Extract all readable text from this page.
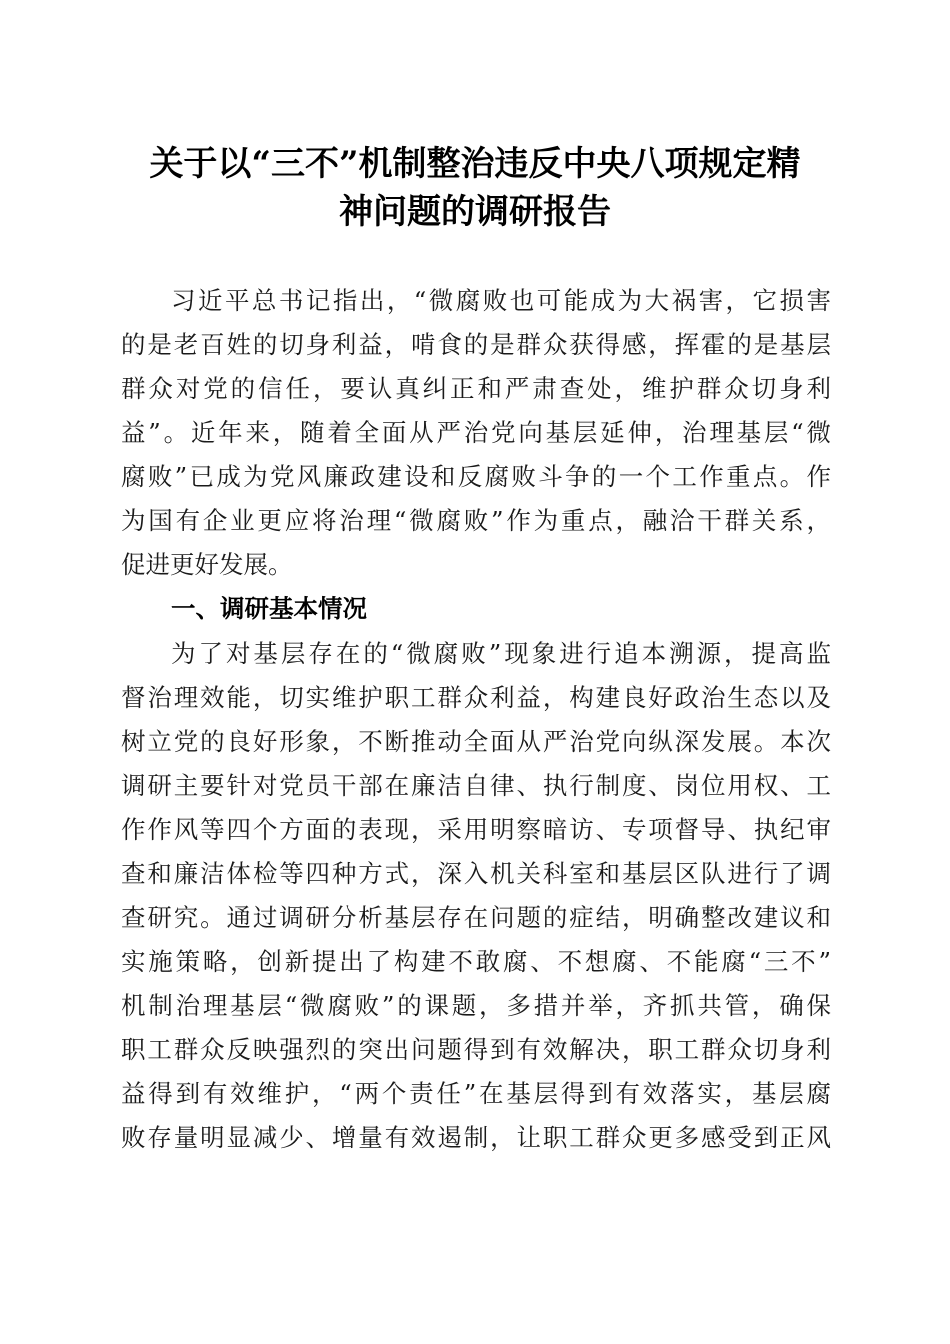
关于以“三不”机制整治违反中央八项规定精
神问题的调研报告
习近平总书记指出，“微腐败也可能成为大祸害，它损害
的是老百姓的切身利益，啃食的是群众获得感，挥霍的是基层
群众对党的信任，要认真纠正和严肃查处，维护群众切身利
益”。近年来，随着全面从严治党向基层延伸，治理基层“微
腐败”已成为党风廉政建设和反腐败斗争的一个工作重点。作
为国有企业更应将治理“微腐败”作为重点，融洽干群关系，
促进更好发展。
一、调研基本情况
为了对基层存在的“微腐败”现象进行追本溯源，提高监
督治理效能，切实维护职工群众利益，构建良好政治生态以及
树立党的良好形象，不断推动全面从严治党向纵深发展。本次
调研主要针对党员干部在廉洁自律、执行制度、岗位用权、工
作作风等四个方面的表现，采用明察暗访、专项督导、执纪审
查和廉洁体检等四种方式，深入机关科室和基层区队进行了调
查研究。通过调研分析基层存在问题的症结，明确整改建议和
实施策略，创新提出了构建不敢腐、不想腐、不能腐“三不”
机制治理基层“微腐败”的课题，多措并举，齐抓共管，确保
职工群众反映强烈的突出问题得到有效解决，职工群众切身利
益得到有效维护，“两个责任”在基层得到有效落实，基层腐
败存量明显减少、增量有效遏制，让职工群众更多感受到正风
